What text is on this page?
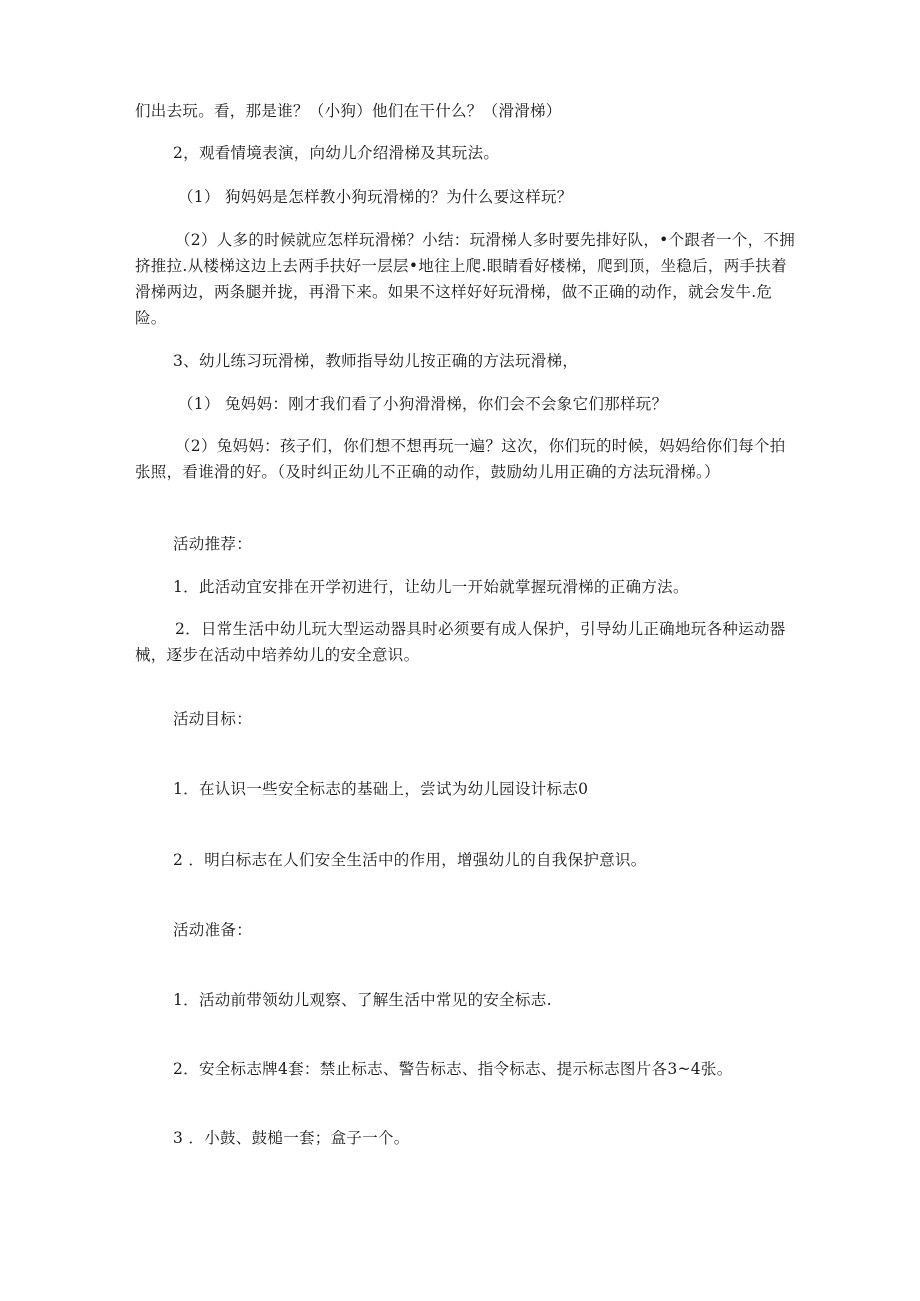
们出去玩。看，那是谁？（小狗）他们在干什么？（滑滑梯）
2，观看情境表演，向幼儿介绍滑梯及其玩法。
（1） 狗妈妈是怎样教小狗玩滑梯的？为什么要这样玩？
（2）人多的时候就应怎样玩滑梯？小结：玩滑梯人多时要先排好队，•个跟者一个，不拥挤推拉.从楼梯这边上去两手扶好一层层•地往上爬.眼睛看好楼梯，爬到顶，坐稳后，两手扶着滑梯两边，两条腿并拢，再滑下来。如果不这样好好玩滑梯，做不正确的动作，就会发牛.危险。
3、幼儿练习玩滑梯，教师指导幼儿按正确的方法玩滑梯，
（1） 兔妈妈：刚才我们看了小狗滑滑梯，你们会不会象它们那样玩？
（2）兔妈妈：孩子们，你们想不想再玩一遍？这次，你们玩的时候，妈妈给你们每个拍张照，看谁滑的好。（及时纠正幼儿不正确的动作，鼓励幼儿用正确的方法玩滑梯。）
活动推荐：
1．此活动宜安排在开学初进行，让幼儿一开始就掌握玩滑梯的正确方法。
2．日常生活中幼儿玩大型运动器具时必须要有成人保护，引导幼儿正确地玩各种运动器械，逐步在活动中培养幼儿的安全意识。
活动目标：
1．在认识一些安全标志的基础上，尝试为幼儿园设计标志0
2 ．明白标志在人们安全生活中的作用，增强幼儿的自我保护意识。
活动准备：
1．活动前带领幼儿观察、了解生活中常见的安全标志.
2．安全标志牌4套：禁止标志、警告标志、指令标志、提示标志图片各3~4张。
3 ．小鼓、鼓槌一套；盒子一个。
